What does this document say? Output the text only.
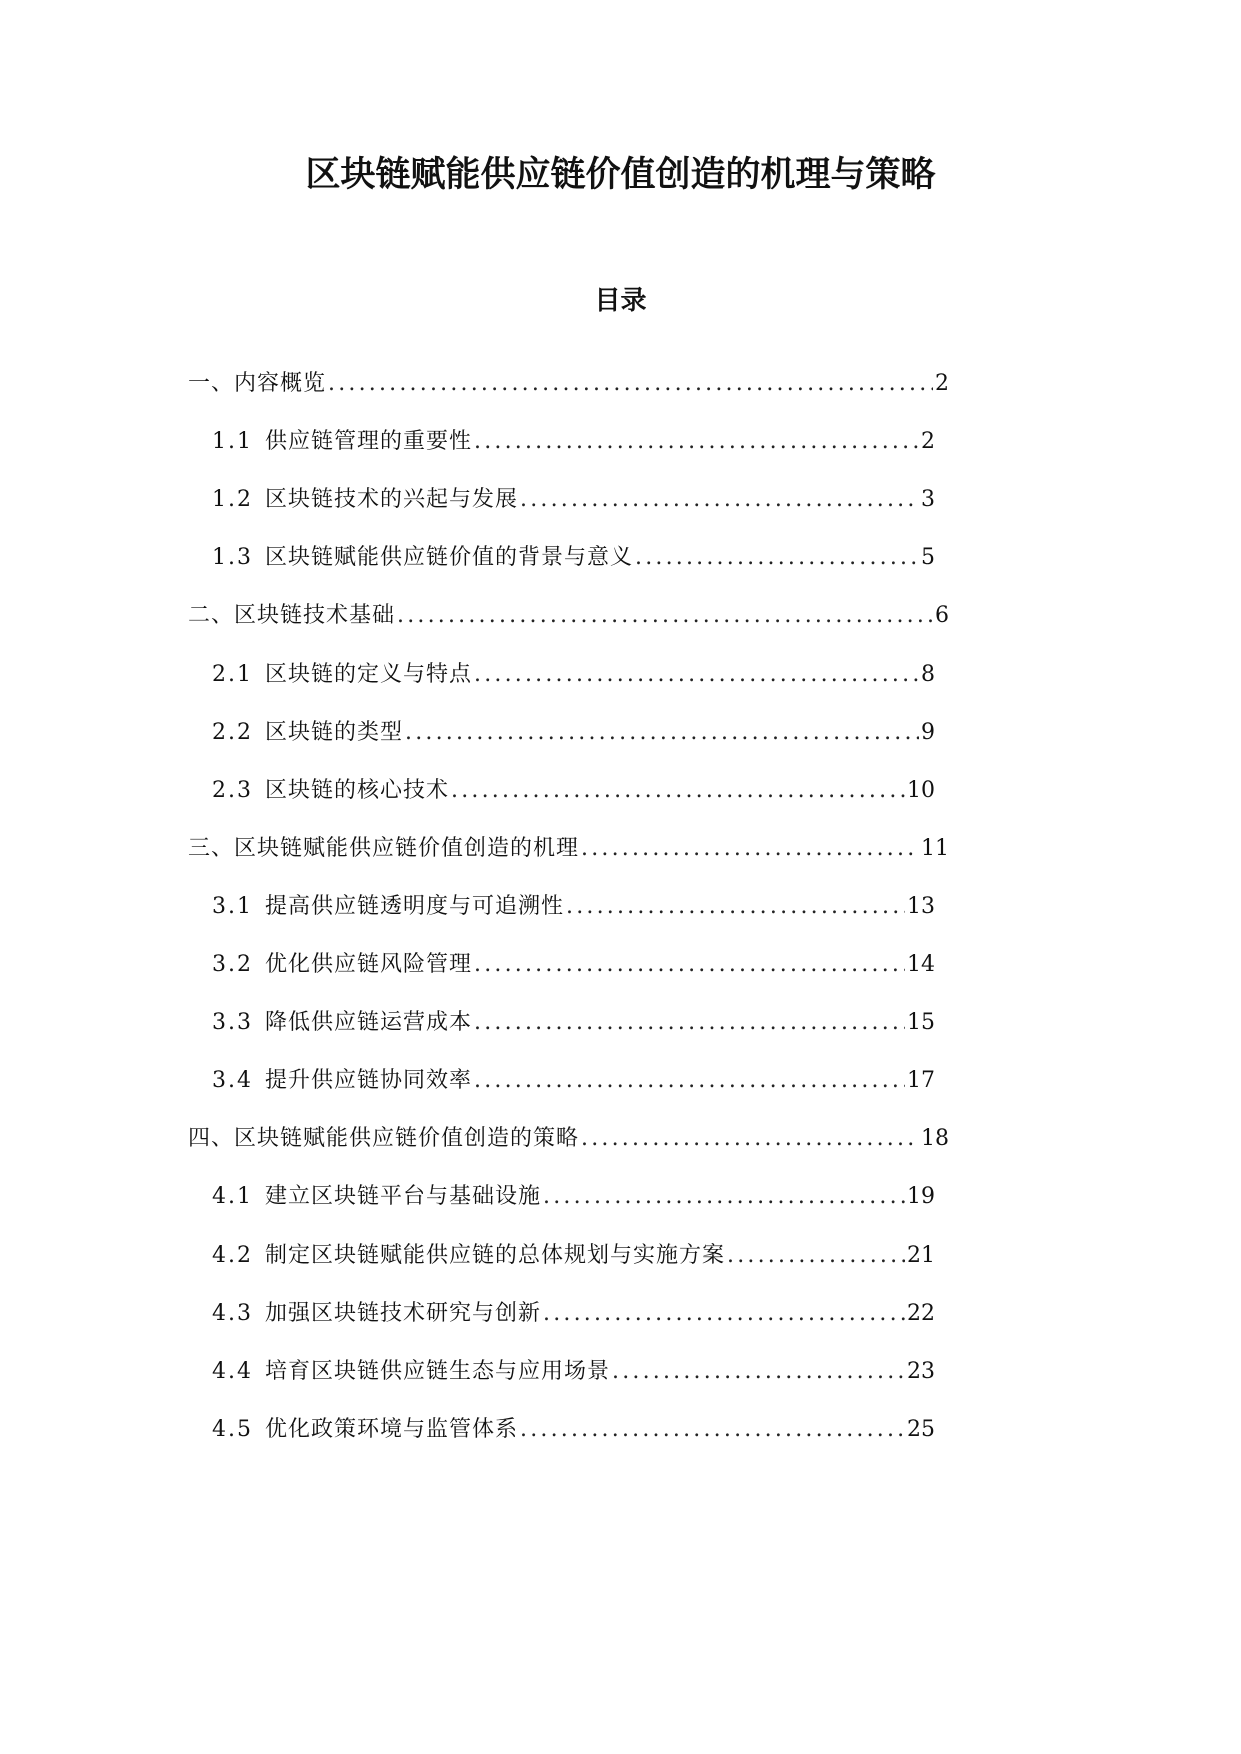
区块链赋能供应链价值创造的机理与策略
目录
一、内容概览 .....	2
1.1 供应链管理的重要性 .....	2
1.2 区块链技术的兴起与发展 .....	3
1.3 区块链赋能供应链价值的背景与意义 .....	5
二、区块链技术基础 .....	6
2.1 区块链的定义与特点 .....	8
2.2 区块链的类型 .....	9
2.3 区块链的核心技术 .....	10
三、区块链赋能供应链价值创造的机理 .....	11
3.1 提高供应链透明度与可追溯性 .....	13
3.2 优化供应链风险管理 .....	14
3.3 降低供应链运营成本 .....	15
3.4 提升供应链协同效率 .....	17
四、区块链赋能供应链价值创造的策略 .....	18
4.1 建立区块链平台与基础设施 .....	19
4.2 制定区块链赋能供应链的总体规划与实施方案 .....	21
4.3 加强区块链技术研究与创新 .....	22
4.4 培育区块链供应链生态与应用场景 .....	23
4.5 优化政策环境与监管体系 .....	25
